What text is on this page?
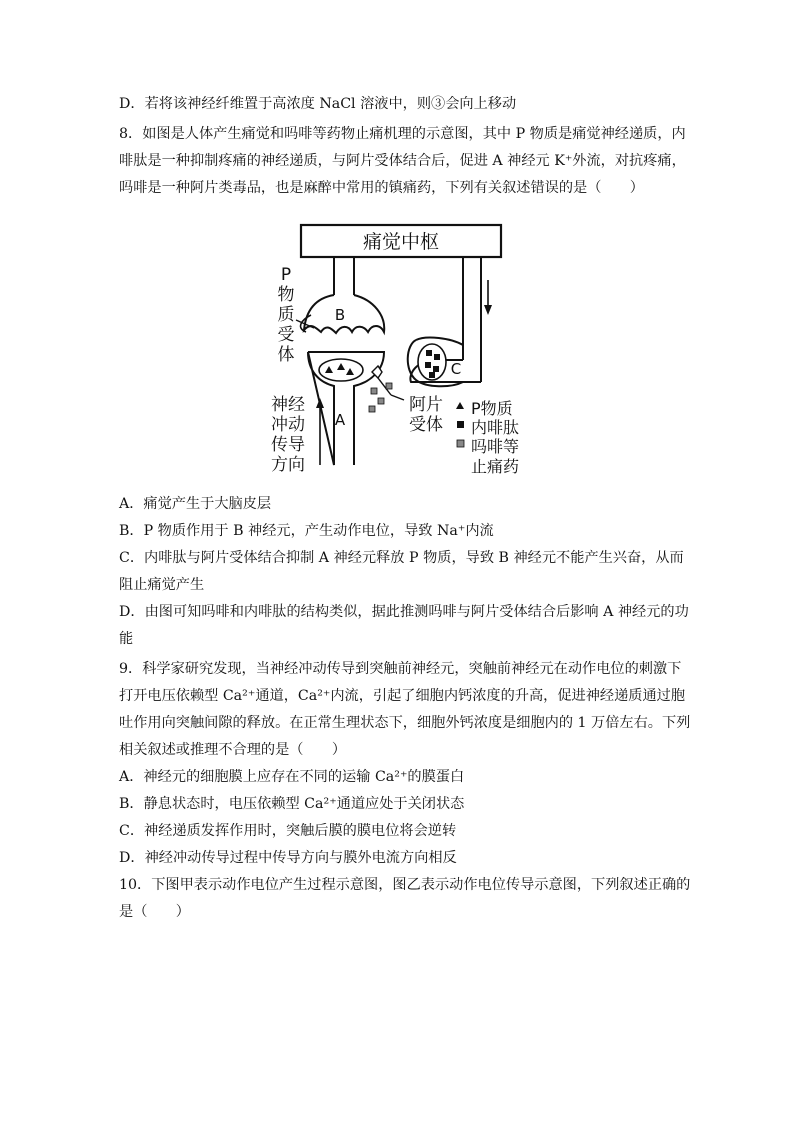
D．若将该神经纤维置于高浓度 NaCl 溶液中，则③会向上移动
8．如图是人体产生痛觉和吗啡等药物止痛机理的示意图，其中 P 物质是痛觉神经递质，内
啡肽是一种抑制疼痛的神经递质，与阿片受体结合后，促进 A 神经元 K⁺外流，对抗疼痛，
吗啡是一种阿片类毒品，也是麻醉中常用的镇痛药，下列有关叙述错误的是（　　）
痛觉中枢
B
P
物
质
受
体
A
阿片
受体
神经
冲动
传导
方向
C
P物质
内啡肽
吗啡等
止痛药
A．痛觉产生于大脑皮层
B．P 物质作用于 B 神经元，产生动作电位，导致 Na⁺内流
C．内啡肽与阿片受体结合抑制 A 神经元释放 P 物质，导致 B 神经元不能产生兴奋，从而
阻止痛觉产生
D．由图可知吗啡和内啡肽的结构类似，据此推测吗啡与阿片受体结合后影响 A 神经元的功
能
9．科学家研究发现，当神经冲动传导到突触前神经元，突触前神经元在动作电位的刺激下
打开电压依赖型 Ca²⁺通道，Ca²⁺内流，引起了细胞内钙浓度的升高，促进神经递质通过胞
吐作用向突触间隙的释放。在正常生理状态下，细胞外钙浓度是细胞内的 1 万倍左右。下列
相关叙述或推理不合理的是（　　）
A．神经元的细胞膜上应存在不同的运输 Ca²⁺的膜蛋白
B．静息状态时，电压依赖型 Ca²⁺通道应处于关闭状态
C．神经递质发挥作用时，突触后膜的膜电位将会逆转
D．神经冲动传导过程中传导方向与膜外电流方向相反
10．下图甲表示动作电位产生过程示意图，图乙表示动作电位传导示意图，下列叙述正确的
是（　　）
